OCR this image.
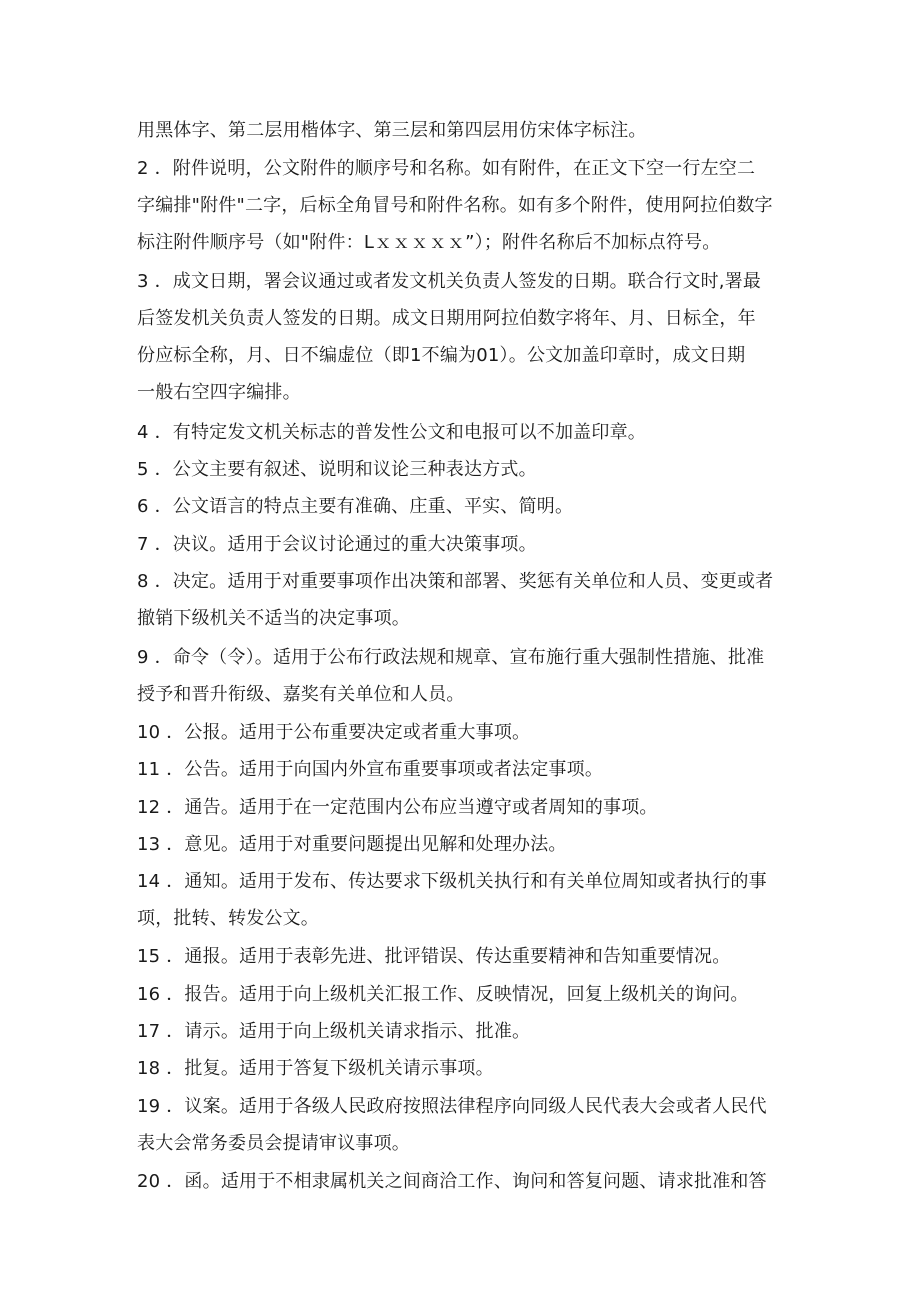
用黑体字、第二层用楷体字、第三层和第四层用仿宋体字标注。
2 ．附件说明，公文附件的顺序号和名称。如有附件，在正文下空一行左空二
字编排"附件"二字，后标全角冒号和附件名称。如有多个附件，使用阿拉伯数字
标注附件顺序号（如"附件：Lｘｘｘｘｘ”）；附件名称后不加标点符号。
3 ．成文日期，署会议通过或者发文机关负责人签发的日期。联合行文时,署最
后签发机关负责人签发的日期。成文日期用阿拉伯数字将年、月、日标全，年
份应标全称，月、日不编虚位（即1不编为01）。公文加盖印章时，成文日期
一般右空四字编排。
4 ．有特定发文机关标志的普发性公文和电报可以不加盖印章。
5 ．公文主要有叙述、说明和议论三种表达方式。
6 ．公文语言的特点主要有准确、庄重、平实、简明。
7 ．决议。适用于会议讨论通过的重大决策事项。
8 ．决定。适用于对重要事项作出决策和部署、奖惩有关单位和人员、变更或者
撤销下级机关不适当的决定事项。
9 ．命令（令）。适用于公布行政法规和规章、宣布施行重大强制性措施、批准
授予和晋升衔级、嘉奖有关单位和人员。
10 ．公报。适用于公布重要决定或者重大事项。
11 ．公告。适用于向国内外宣布重要事项或者法定事项。
12 ．通告。适用于在一定范围内公布应当遵守或者周知的事项。
13 ．意见。适用于对重要问题提出见解和处理办法。
14 ．通知。适用于发布、传达要求下级机关执行和有关单位周知或者执行的事
项，批转、转发公文。
15 ．通报。适用于表彰先进、批评错误、传达重要精神和告知重要情况。
16 ．报告。适用于向上级机关汇报工作、反映情况，回复上级机关的询问。
17 ．请示。适用于向上级机关请求指示、批准。
18 ．批复。适用于答复下级机关请示事项。
19 ．议案。适用于各级人民政府按照法律程序向同级人民代表大会或者人民代
表大会常务委员会提请审议事项。
20 ．函。适用于不相隶属机关之间商洽工作、询问和答复问题、请求批准和答
